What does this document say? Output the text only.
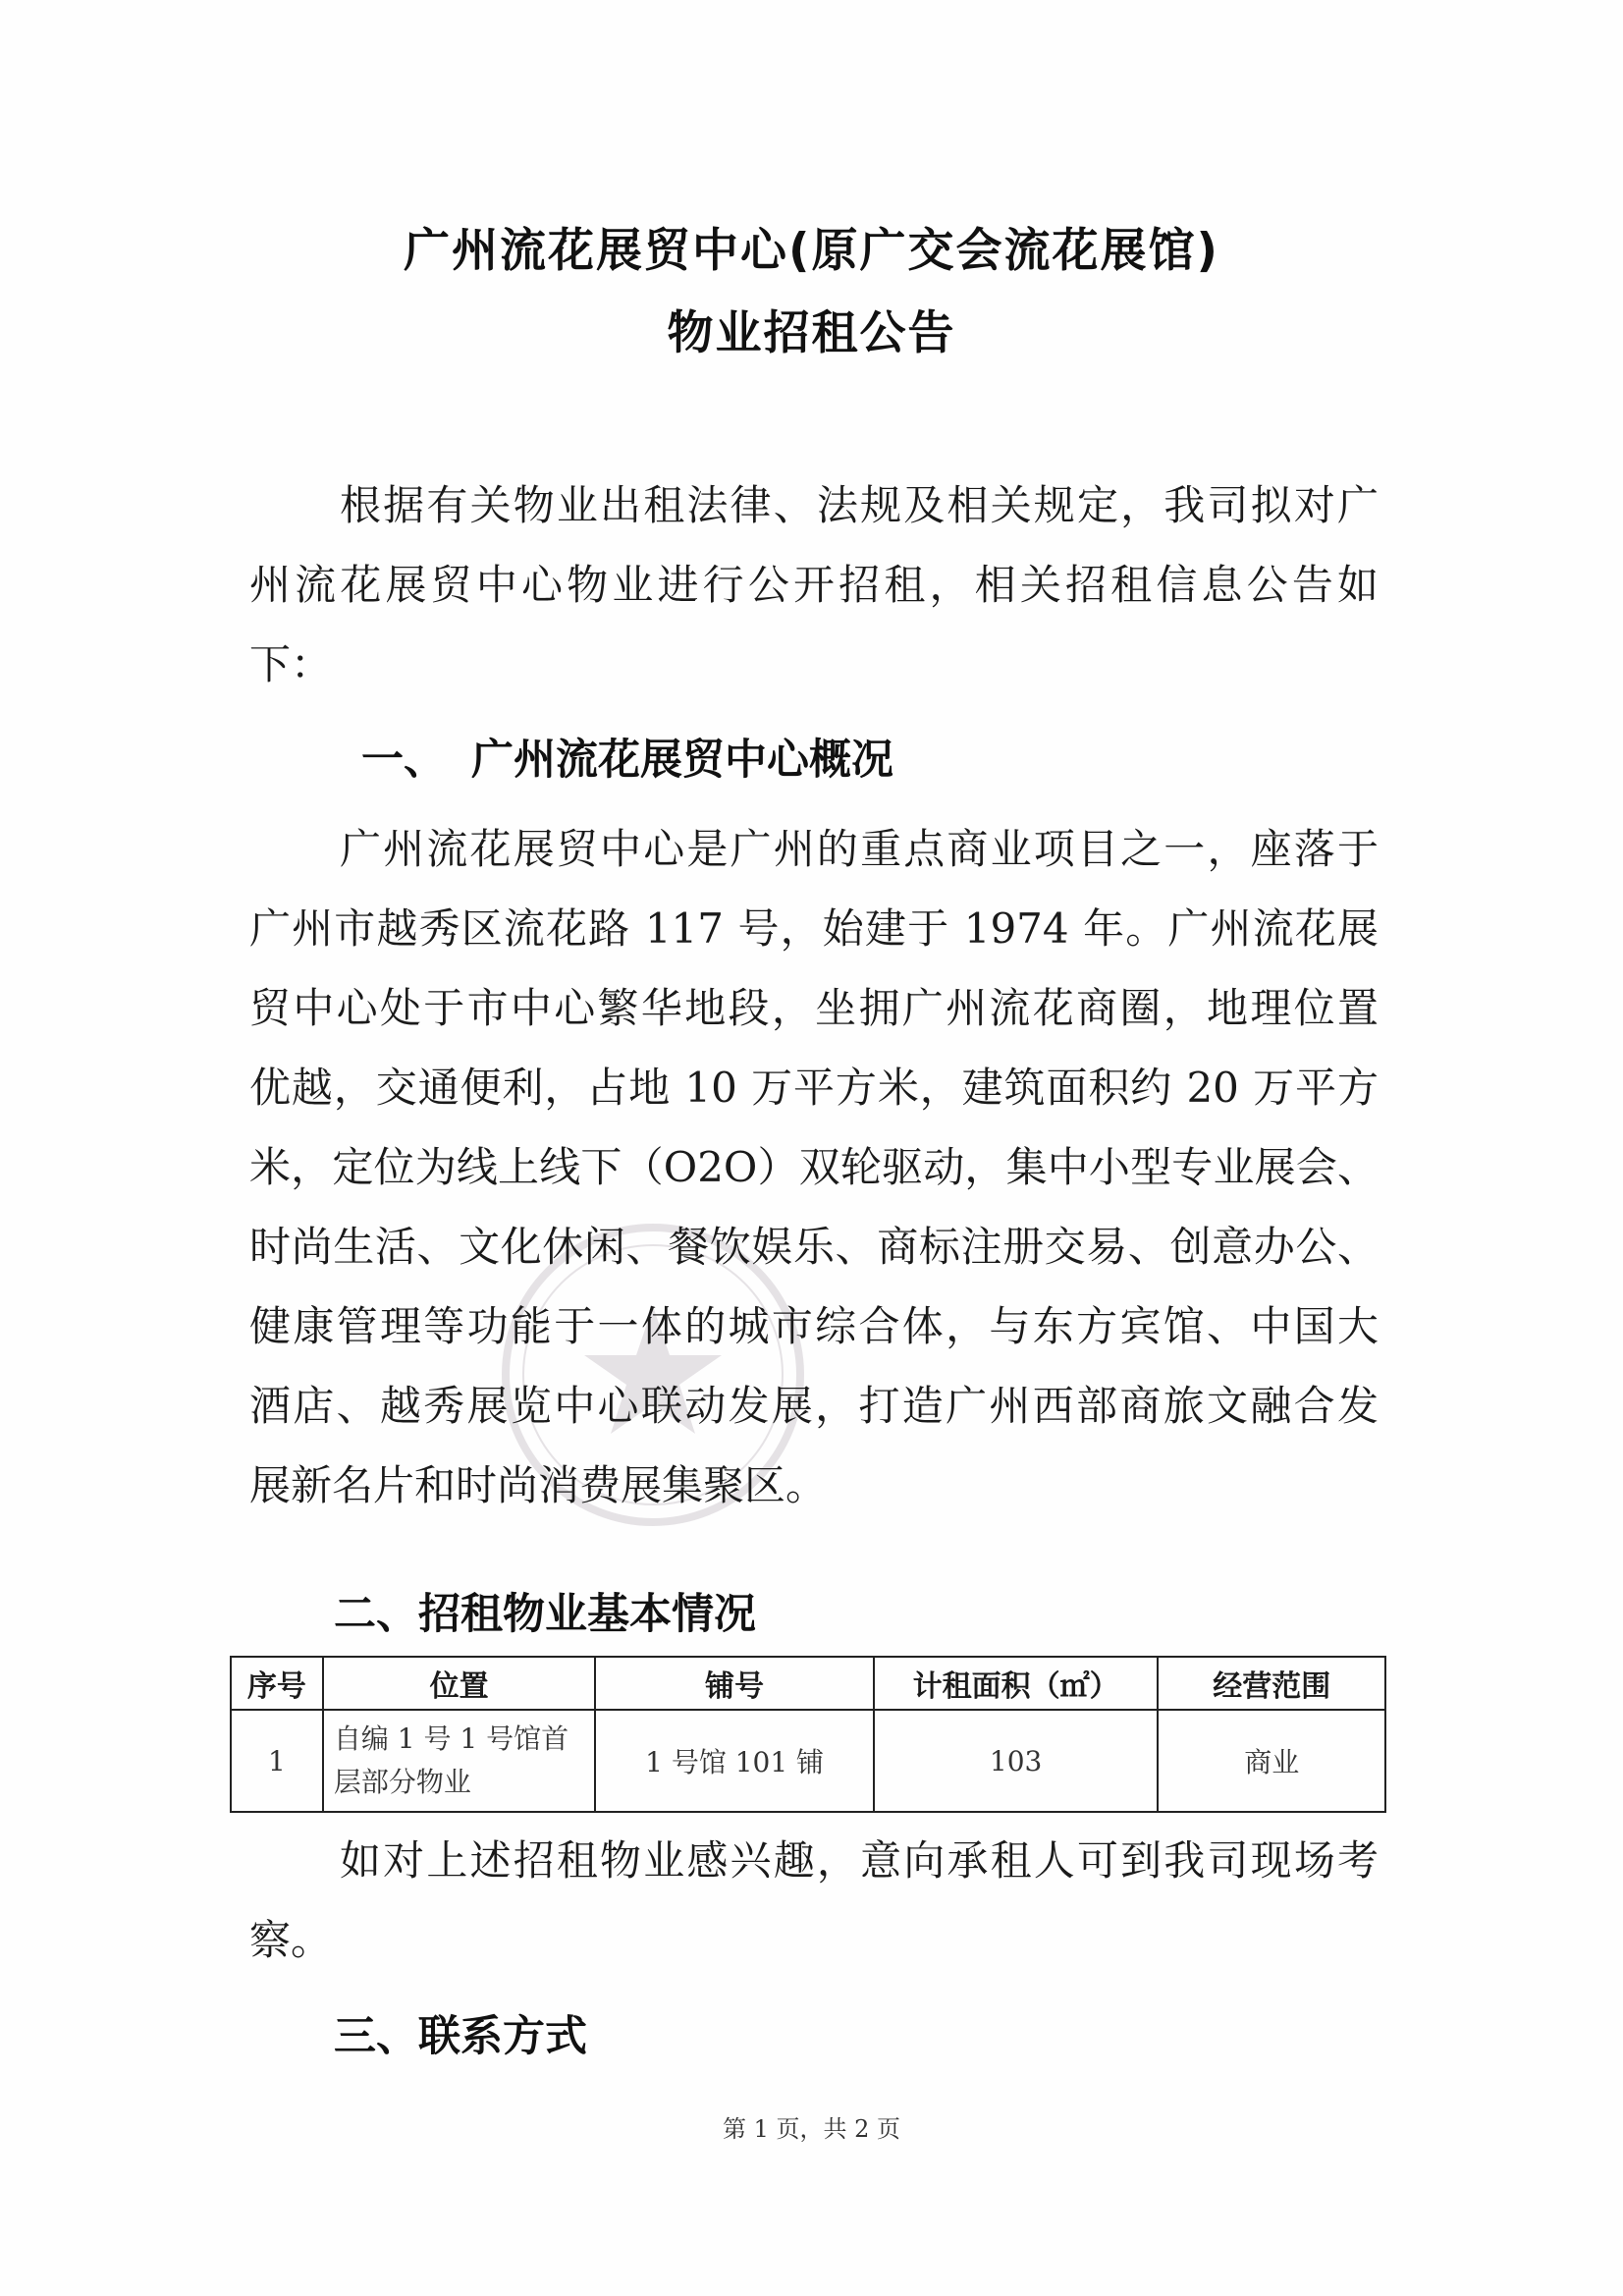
广州流花展贸中心(原广交会流花展馆)
物业招租公告
根据有关物业出租法律、法规及相关规定，我司拟对广
州流花展贸中心物业进行公开招租，相关招租信息公告如
下：
一、 广州流花展贸中心概况
广州流花展贸中心是广州的重点商业项目之一，座落于
广州市越秀区流花路 117 号，始建于 1974 年。广州流花展
贸中心处于市中心繁华地段，坐拥广州流花商圈，地理位置
优越，交通便利，占地 10 万平方米，建筑面积约 20 万平方
米，定位为线上线下（O2O）双轮驱动，集中小型专业展会、
时尚生活、文化休闲、餐饮娱乐、商标注册交易、创意办公、
健康管理等功能于一体的城市综合体，与东方宾馆、中国大
酒店、越秀展览中心联动发展，打造广州西部商旅文融合发
展新名片和时尚消费展集聚区。
二、招租物业基本情况
序号	位置	铺号	计租面积（㎡）	经营范围
1	自编 1 号 1 号馆首
层部分物业	1 号馆 101 铺	103	商业
如对上述招租物业感兴趣，意向承租人可到我司现场考
察。
三、联系方式
第 1 页，共 2 页
